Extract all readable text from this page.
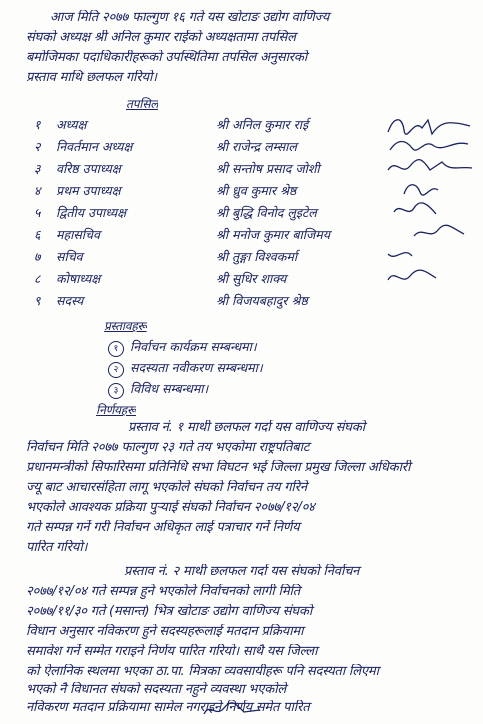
आज मिति २०७७ फाल्गुण १६ गते यस खोटाङ उद्योग वाणिज्य
संघको अध्यक्ष श्री अनिल कुमार राईको अध्यक्षतामा तपसिल
बमोजिमका पदाधिकारीहरूको उपस्थितिमा तपसिल अनुसारको
प्रस्ताव माथि छलफल गरियो।
तपसिल
१	अध्यक्ष	श्री अनिल कुमार राई
२	निवर्तमान अध्यक्ष	श्री राजेन्द्र लम्साल
३	वरिष्ठ उपाध्यक्ष	श्री सन्तोष प्रसाद जोशी
४	प्रथम उपाध्यक्ष	श्री ध्रुव कुमार श्रेष्ठ
५	द्वितीय उपाध्यक्ष	श्री बुद्धि विनोद लुइटेल
६	महासचिव	श्री मनोज कुमार बाजिमय
७	सचिव	श्री तुङ्गा विश्वकर्मा
८	कोषाध्यक्ष	श्री सुधिर शाक्य
९	सदस्य	श्री विजयबहादुर श्रेष्ठ
प्रस्तावहरू
१ निर्वाचन कार्यक्रम सम्बन्धमा।
२ सदस्यता नवीकरण सम्बन्धमा।
३ विविध सम्बन्धमा।
निर्णयहरू
प्रस्ताव नं. १ माथी छलफल गर्दा यस वाणिज्य संघको
निर्वाचन मिति २०७७ फाल्गुण २३ गते तय भएकोमा राष्ट्रपतिबाट
प्रधानमन्त्रीको सिफारिसमा प्रतिनिधि सभा विघटन भई जिल्ला प्रमुख जिल्ला अधिकारी
ज्यू बाट आचारसंहिता लागू भएकोले संघको निर्वाचन तय गरिने
भएकोले आवश्यक प्रक्रिया पुर्‍याई संघको निर्वाचन २०७७/१२/०४
गते सम्पन्न गर्ने गरी निर्वाचन अधिकृत लाई पत्राचार गर्ने निर्णय
पारित गरियो।
प्रस्ताव नं. २ माथी छलफल गर्दा यस संघको निर्वाचन
२०७७/१२/०४ गते सम्पन्न हुने भएकोले निर्वाचनको लागी मिति
२०७७/११/३० गते (मसान्त) भित्र खोटाङ उद्योग वाणिज्य संघको
विधान अनुसार नविकरण हुने सदस्यहरूलाई मतदान प्रक्रियामा
समावेश गर्ने सम्मेत गराइने निर्णय पारित गरियो। साथै यस जिल्ला
को ऐलानिक स्थलमा भएका ठा.पा. मित्रका व्यवसायीहरू पनि सदस्यता लिएमा
भएको नै विधानत संघको सदस्यता नहुने व्यवस्था भएकोले
नविकरण मतदान प्रक्रियामा सामेल नगराइने निर्णय समेत पारित
